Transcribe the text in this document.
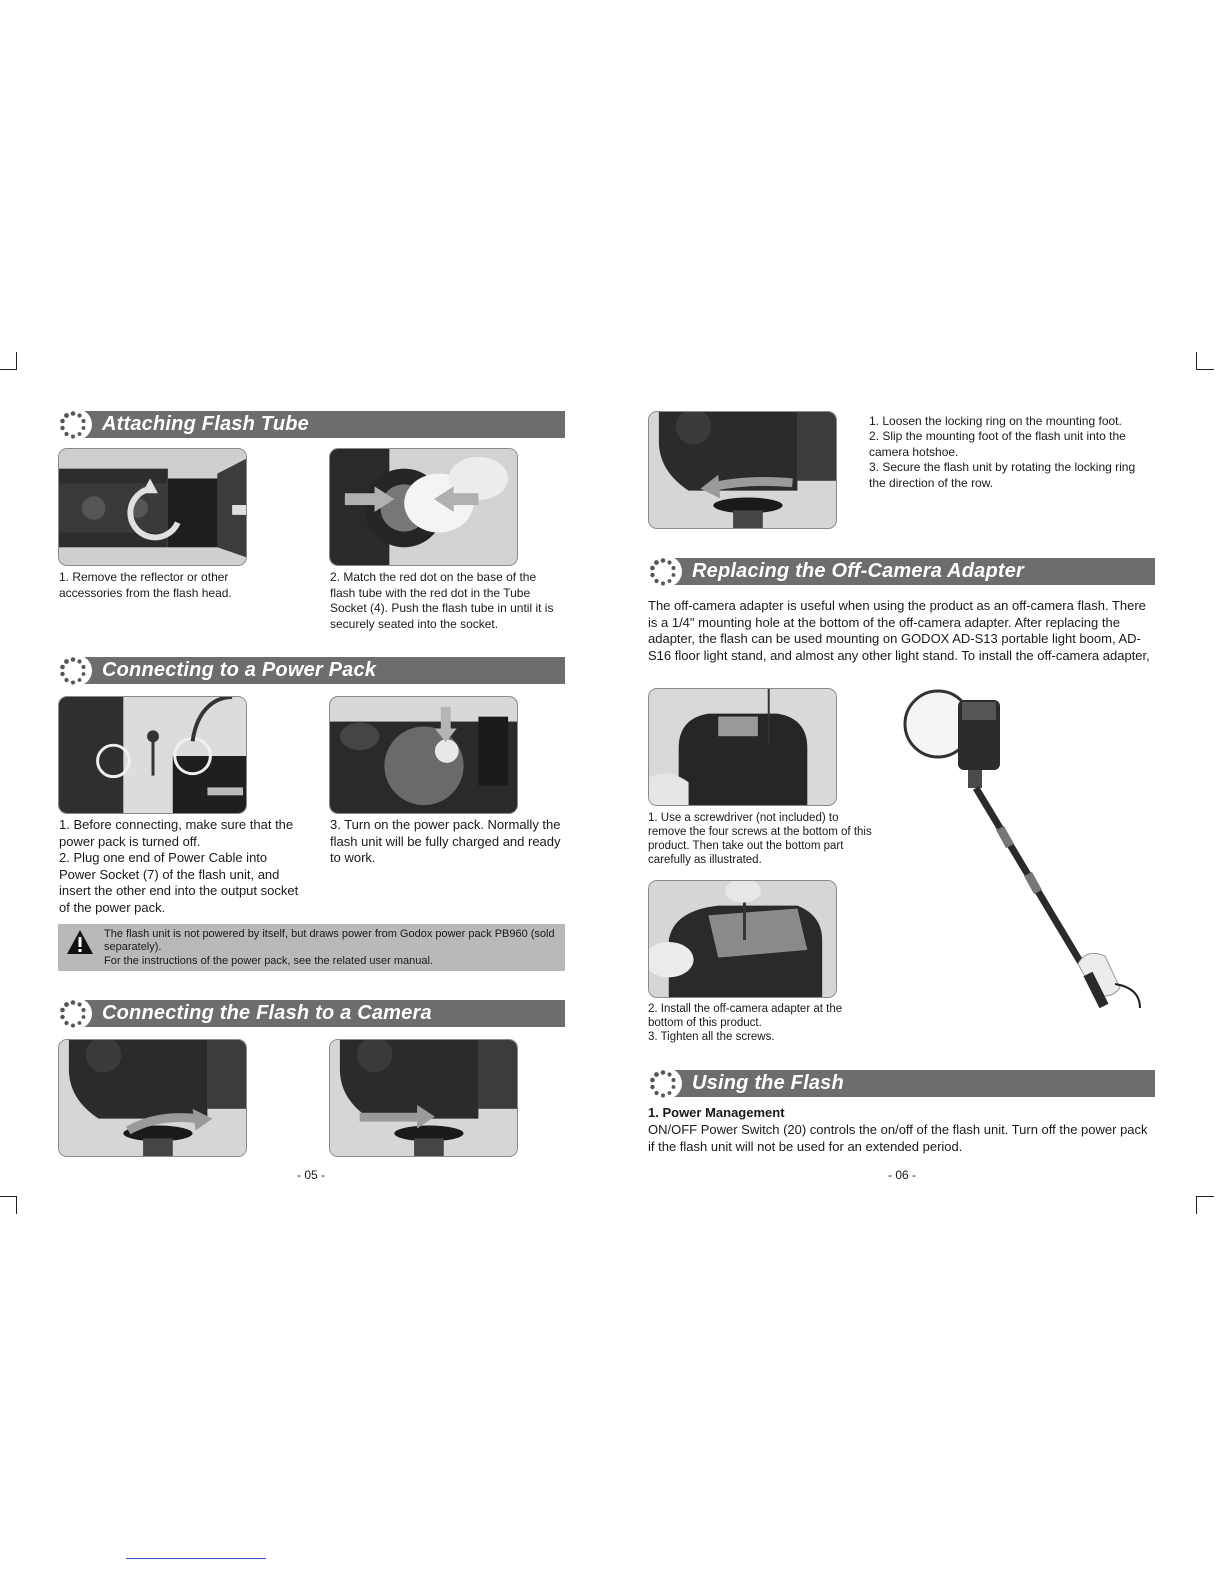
Attaching Flash Tube
1. Remove the reflector or other accessories from the flash head.
2. Match the red dot on the base of the flash tube with the red dot in the Tube Socket (4). Push the flash tube in until it is securely seated into the socket.
Connecting to a Power Pack
1. Before connecting, make sure that the power pack is turned off.
2. Plug one end of Power Cable into Power Socket (7) of the flash unit, and insert the other end into the output socket of the power pack.
3. Turn on the power pack. Normally the flash unit will be fully charged and ready to work.
The flash unit is not powered by itself, but draws power from Godox power pack PB960 (sold separately).
For the instructions of the power pack, see the related user manual.
Connecting the Flash to a Camera
- 05 -
1. Loosen the locking ring on the mounting foot.
2. Slip the mounting foot of the flash unit into the camera hotshoe.
3. Secure the flash unit by rotating the locking ring the direction of the row.
Replacing the Off-Camera Adapter
The off-camera adapter is useful when using the product as an off-camera flash. There is a 1/4" mounting hole at the bottom of the off-camera adapter. After replacing the adapter, the flash can be used mounting on GODOX AD-S13 portable light boom, AD-S16 floor light stand, and almost any other light stand. To install the off-camera adapter,
1. Use a screwdriver (not included) to remove the four screws at the bottom of this product. Then take out the bottom part carefully as illustrated.
2. Install the off-camera adapter at the bottom of this product.
3. Tighten all the screws.
Using the Flash
1. Power Management
ON/OFF Power Switch (20) controls the on/off of the flash unit. Turn off the power pack if the flash unit will not be used for an extended period.
- 06 -
